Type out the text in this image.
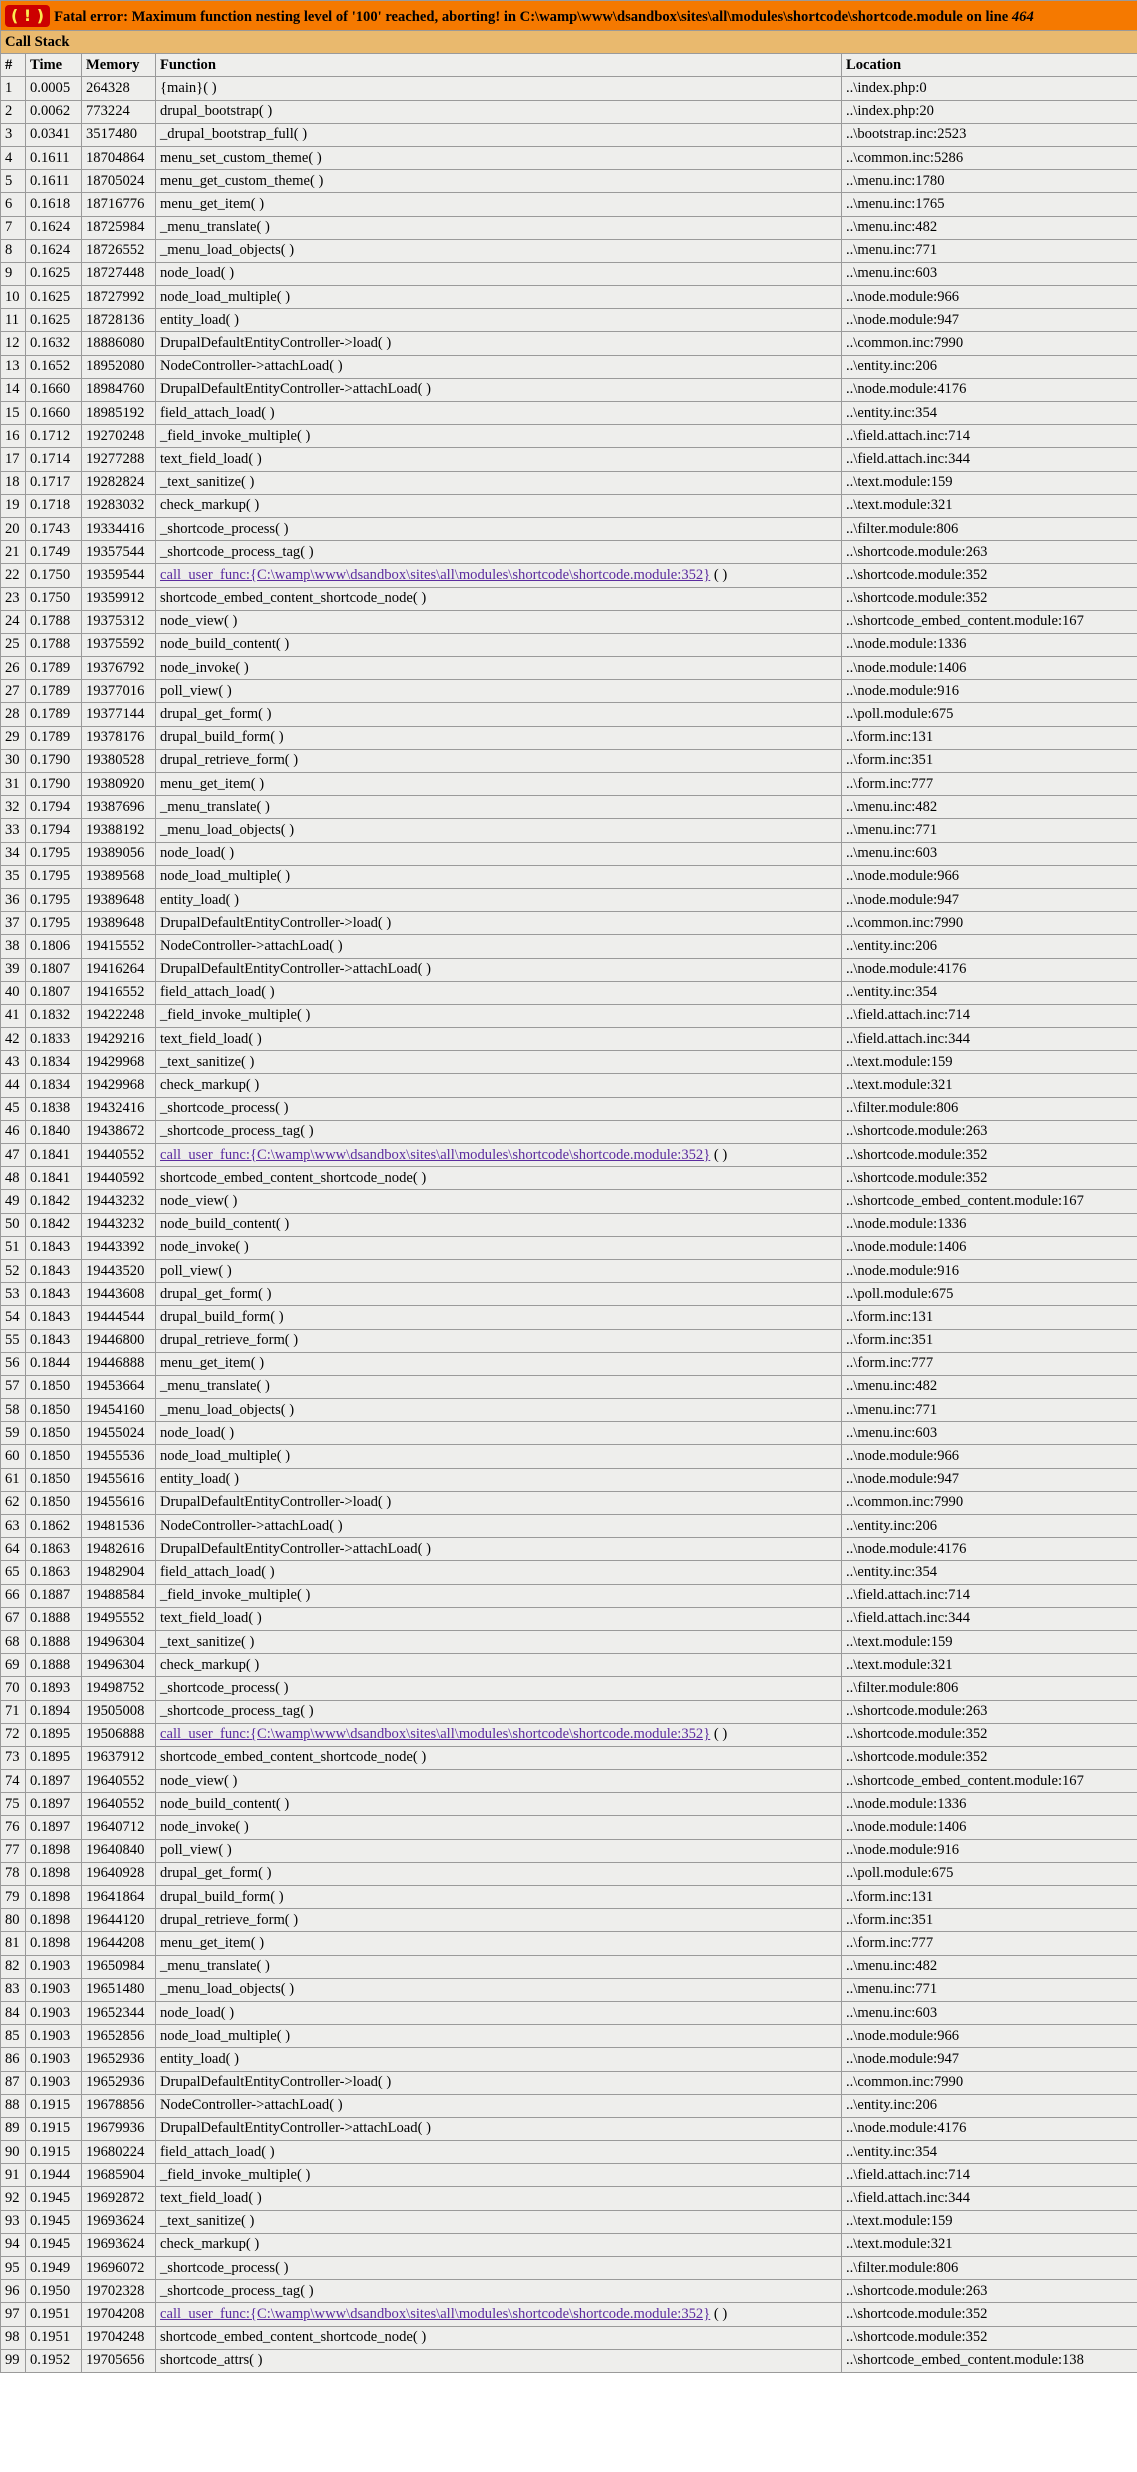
( ! ) Fatal error: Maximum function nesting level of '100' reached, aborting! in C:\wamp\www\dsandbox\sites\all\modules\shortcode\shortcode.module on line 464				
Call Stack				
#	Time	Memory	Function	Location
1	0.0005	264328	{main}( )	..\index.php:0
2	0.0062	773224	drupal_bootstrap( )	..\index.php:20
3	0.0341	3517480	_drupal_bootstrap_full( )	..\bootstrap.inc:2523
4	0.1611	18704864	menu_set_custom_theme( )	..\common.inc:5286
5	0.1611	18705024	menu_get_custom_theme( )	..\menu.inc:1780
6	0.1618	18716776	menu_get_item( )	..\menu.inc:1765
7	0.1624	18725984	_menu_translate( )	..\menu.inc:482
8	0.1624	18726552	_menu_load_objects( )	..\menu.inc:771
9	0.1625	18727448	node_load( )	..\menu.inc:603
10	0.1625	18727992	node_load_multiple( )	..\node.module:966
11	0.1625	18728136	entity_load( )	..\node.module:947
12	0.1632	18886080	DrupalDefaultEntityController->load( )	..\common.inc:7990
13	0.1652	18952080	NodeController->attachLoad( )	..\entity.inc:206
14	0.1660	18984760	DrupalDefaultEntityController->attachLoad( )	..\node.module:4176
15	0.1660	18985192	field_attach_load( )	..\entity.inc:354
16	0.1712	19270248	_field_invoke_multiple( )	..\field.attach.inc:714
17	0.1714	19277288	text_field_load( )	..\field.attach.inc:344
18	0.1717	19282824	_text_sanitize( )	..\text.module:159
19	0.1718	19283032	check_markup( )	..\text.module:321
20	0.1743	19334416	_shortcode_process( )	..\filter.module:806
21	0.1749	19357544	_shortcode_process_tag( )	..\shortcode.module:263
22	0.1750	19359544	call_user_func:{C:\wamp\www\dsandbox\sites\all\modules\shortcode\shortcode.module:352} ( )	..\shortcode.module:352
23	0.1750	19359912	shortcode_embed_content_shortcode_node( )	..\shortcode.module:352
24	0.1788	19375312	node_view( )	..\shortcode_embed_content.module:167
25	0.1788	19375592	node_build_content( )	..\node.module:1336
26	0.1789	19376792	node_invoke( )	..\node.module:1406
27	0.1789	19377016	poll_view( )	..\node.module:916
28	0.1789	19377144	drupal_get_form( )	..\poll.module:675
29	0.1789	19378176	drupal_build_form( )	..\form.inc:131
30	0.1790	19380528	drupal_retrieve_form( )	..\form.inc:351
31	0.1790	19380920	menu_get_item( )	..\form.inc:777
32	0.1794	19387696	_menu_translate( )	..\menu.inc:482
33	0.1794	19388192	_menu_load_objects( )	..\menu.inc:771
34	0.1795	19389056	node_load( )	..\menu.inc:603
35	0.1795	19389568	node_load_multiple( )	..\node.module:966
36	0.1795	19389648	entity_load( )	..\node.module:947
37	0.1795	19389648	DrupalDefaultEntityController->load( )	..\common.inc:7990
38	0.1806	19415552	NodeController->attachLoad( )	..\entity.inc:206
39	0.1807	19416264	DrupalDefaultEntityController->attachLoad( )	..\node.module:4176
40	0.1807	19416552	field_attach_load( )	..\entity.inc:354
41	0.1832	19422248	_field_invoke_multiple( )	..\field.attach.inc:714
42	0.1833	19429216	text_field_load( )	..\field.attach.inc:344
43	0.1834	19429968	_text_sanitize( )	..\text.module:159
44	0.1834	19429968	check_markup( )	..\text.module:321
45	0.1838	19432416	_shortcode_process( )	..\filter.module:806
46	0.1840	19438672	_shortcode_process_tag( )	..\shortcode.module:263
47	0.1841	19440552	call_user_func:{C:\wamp\www\dsandbox\sites\all\modules\shortcode\shortcode.module:352} ( )	..\shortcode.module:352
48	0.1841	19440592	shortcode_embed_content_shortcode_node( )	..\shortcode.module:352
49	0.1842	19443232	node_view( )	..\shortcode_embed_content.module:167
50	0.1842	19443232	node_build_content( )	..\node.module:1336
51	0.1843	19443392	node_invoke( )	..\node.module:1406
52	0.1843	19443520	poll_view( )	..\node.module:916
53	0.1843	19443608	drupal_get_form( )	..\poll.module:675
54	0.1843	19444544	drupal_build_form( )	..\form.inc:131
55	0.1843	19446800	drupal_retrieve_form( )	..\form.inc:351
56	0.1844	19446888	menu_get_item( )	..\form.inc:777
57	0.1850	19453664	_menu_translate( )	..\menu.inc:482
58	0.1850	19454160	_menu_load_objects( )	..\menu.inc:771
59	0.1850	19455024	node_load( )	..\menu.inc:603
60	0.1850	19455536	node_load_multiple( )	..\node.module:966
61	0.1850	19455616	entity_load( )	..\node.module:947
62	0.1850	19455616	DrupalDefaultEntityController->load( )	..\common.inc:7990
63	0.1862	19481536	NodeController->attachLoad( )	..\entity.inc:206
64	0.1863	19482616	DrupalDefaultEntityController->attachLoad( )	..\node.module:4176
65	0.1863	19482904	field_attach_load( )	..\entity.inc:354
66	0.1887	19488584	_field_invoke_multiple( )	..\field.attach.inc:714
67	0.1888	19495552	text_field_load( )	..\field.attach.inc:344
68	0.1888	19496304	_text_sanitize( )	..\text.module:159
69	0.1888	19496304	check_markup( )	..\text.module:321
70	0.1893	19498752	_shortcode_process( )	..\filter.module:806
71	0.1894	19505008	_shortcode_process_tag( )	..\shortcode.module:263
72	0.1895	19506888	call_user_func:{C:\wamp\www\dsandbox\sites\all\modules\shortcode\shortcode.module:352} ( )	..\shortcode.module:352
73	0.1895	19637912	shortcode_embed_content_shortcode_node( )	..\shortcode.module:352
74	0.1897	19640552	node_view( )	..\shortcode_embed_content.module:167
75	0.1897	19640552	node_build_content( )	..\node.module:1336
76	0.1897	19640712	node_invoke( )	..\node.module:1406
77	0.1898	19640840	poll_view( )	..\node.module:916
78	0.1898	19640928	drupal_get_form( )	..\poll.module:675
79	0.1898	19641864	drupal_build_form( )	..\form.inc:131
80	0.1898	19644120	drupal_retrieve_form( )	..\form.inc:351
81	0.1898	19644208	menu_get_item( )	..\form.inc:777
82	0.1903	19650984	_menu_translate( )	..\menu.inc:482
83	0.1903	19651480	_menu_load_objects( )	..\menu.inc:771
84	0.1903	19652344	node_load( )	..\menu.inc:603
85	0.1903	19652856	node_load_multiple( )	..\node.module:966
86	0.1903	19652936	entity_load( )	..\node.module:947
87	0.1903	19652936	DrupalDefaultEntityController->load( )	..\common.inc:7990
88	0.1915	19678856	NodeController->attachLoad( )	..\entity.inc:206
89	0.1915	19679936	DrupalDefaultEntityController->attachLoad( )	..\node.module:4176
90	0.1915	19680224	field_attach_load( )	..\entity.inc:354
91	0.1944	19685904	_field_invoke_multiple( )	..\field.attach.inc:714
92	0.1945	19692872	text_field_load( )	..\field.attach.inc:344
93	0.1945	19693624	_text_sanitize( )	..\text.module:159
94	0.1945	19693624	check_markup( )	..\text.module:321
95	0.1949	19696072	_shortcode_process( )	..\filter.module:806
96	0.1950	19702328	_shortcode_process_tag( )	..\shortcode.module:263
97	0.1951	19704208	call_user_func:{C:\wamp\www\dsandbox\sites\all\modules\shortcode\shortcode.module:352} ( )	..\shortcode.module:352
98	0.1951	19704248	shortcode_embed_content_shortcode_node( )	..\shortcode.module:352
99	0.1952	19705656	shortcode_attrs( )	..\shortcode_embed_content.module:138
